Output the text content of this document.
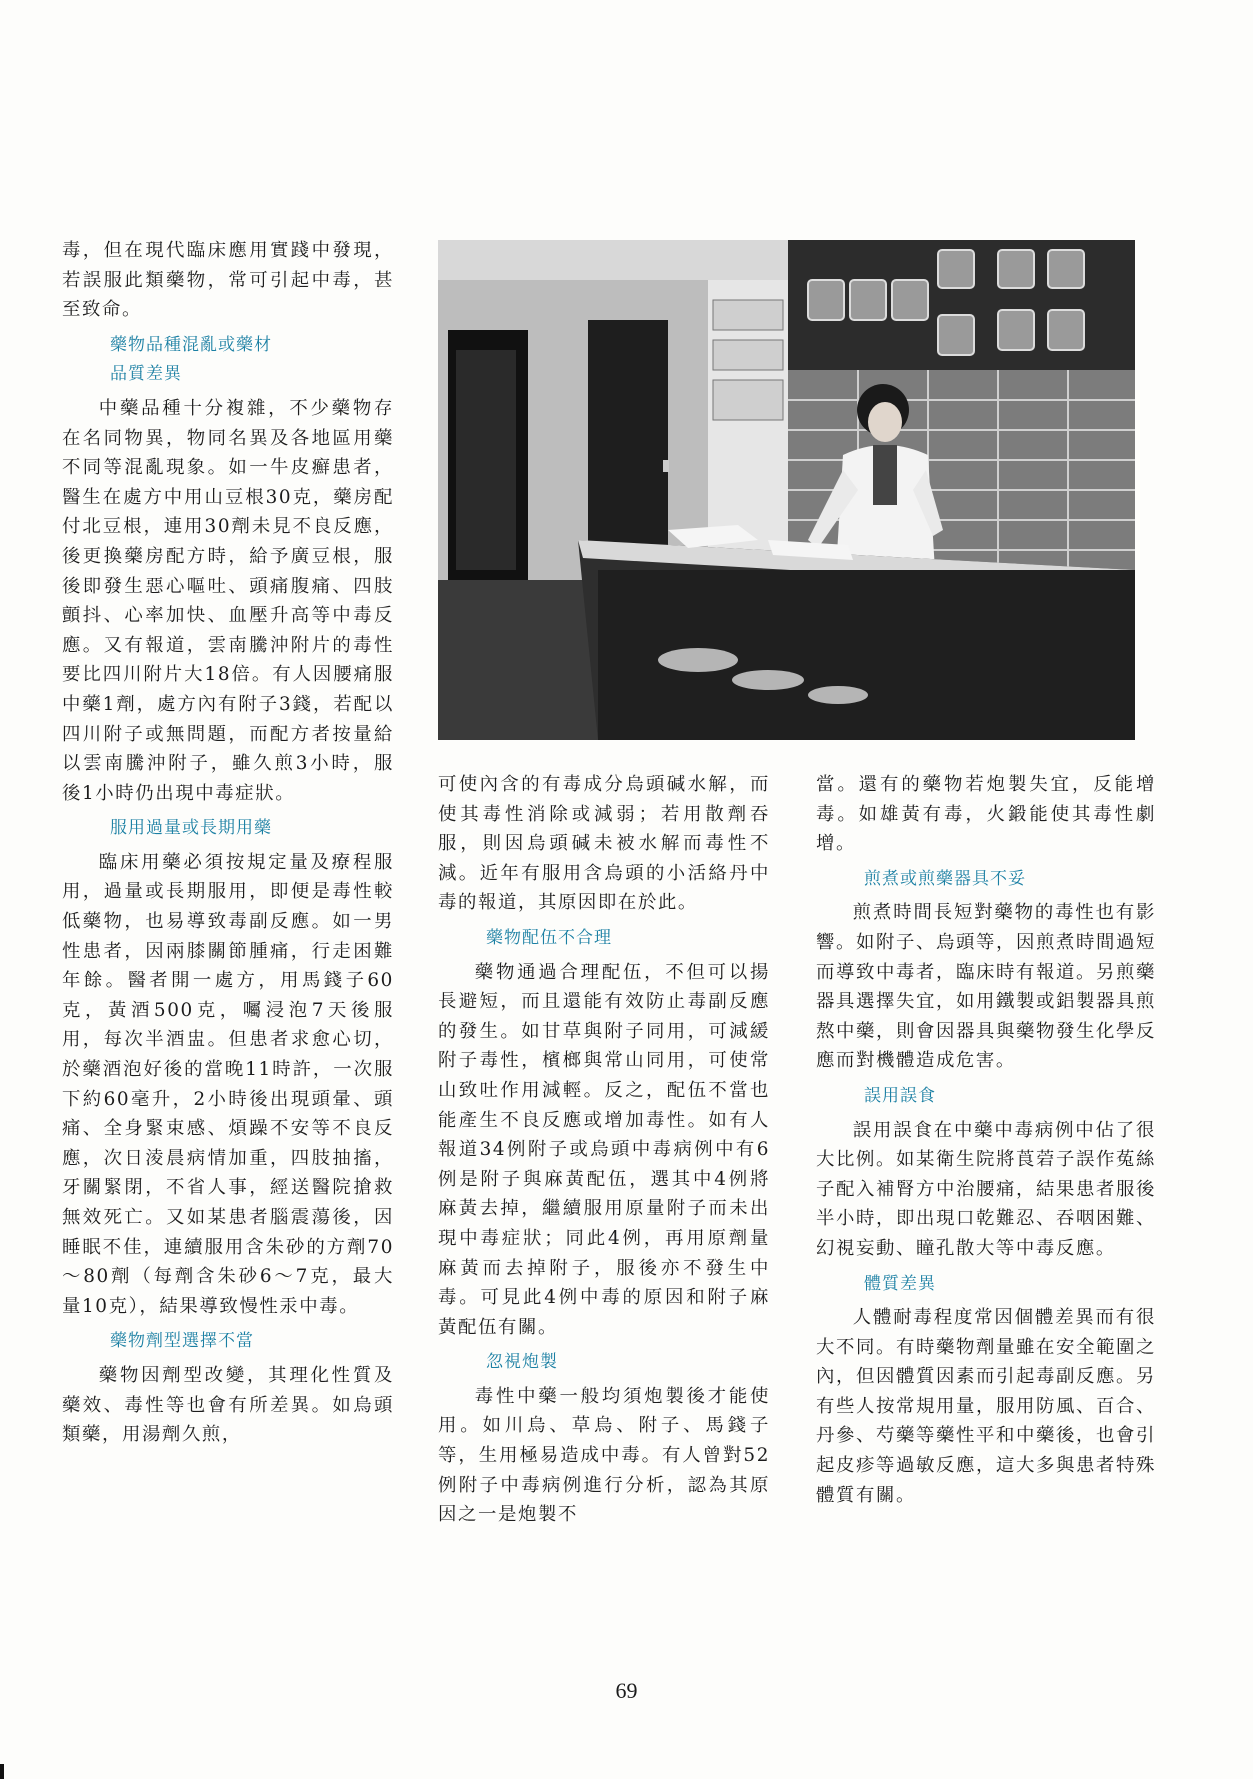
毒，但在現代臨床應用實踐中發現，若誤服此類藥物，常可引起中毒，甚至致命。

藥物品種混亂或藥材
品質差異

中藥品種十分複雜，不少藥物存在名同物異，物同名異及各地區用藥不同等混亂現象。如一牛皮癬患者，醫生在處方中用山豆根30克，藥房配付北豆根，連用30劑未見不良反應，後更換藥房配方時，給予廣豆根，服後即發生惡心嘔吐、頭痛腹痛、四肢顫抖、心率加快、血壓升高等中毒反應。又有報道，雲南騰沖附片的毒性要比四川附片大18倍。有人因腰痛服中藥1劑，處方內有附子3錢，若配以四川附子或無問題，而配方者按量給以雲南騰沖附子，雖久煎3小時，服後1小時仍出現中毒症狀。

服用過量或長期用藥

臨床用藥必須按規定量及療程服用，過量或長期服用，即便是毒性較低藥物，也易導致毒副反應。如一男性患者，因兩膝關節腫痛，行走困難年餘。醫者開一處方，用馬錢子60克，黃酒500克，囑浸泡7天後服用，每次半酒盅。但患者求愈心切，於藥酒泡好後的當晚11時許，一次服下約60毫升，2小時後出現頭暈、頭痛、全身緊束感、煩躁不安等不良反應，次日淩晨病情加重，四肢抽搐，牙關緊閉，不省人事，經送醫院搶救無效死亡。又如某患者腦震蕩後，因睡眠不佳，連續服用含朱砂的方劑70～80劑（每劑含朱砂6～7克，最大量10克），結果導致慢性汞中毒。

藥物劑型選擇不當

藥物因劑型改變，其理化性質及藥效、毒性等也會有所差異。如烏頭類藥，用湯劑久煎，

可使內含的有毒成分烏頭碱水解，而使其毒性消除或減弱；若用散劑吞服，則因烏頭碱未被水解而毒性不減。近年有服用含烏頭的小活絡丹中毒的報道，其原因即在於此。

藥物配伍不合理

藥物通過合理配伍，不但可以揚長避短，而且還能有效防止毒副反應的發生。如甘草與附子同用，可減緩附子毒性，檳榔與常山同用，可使常山致吐作用減輕。反之，配伍不當也能產生不良反應或增加毒性。如有人報道34例附子或烏頭中毒病例中有6例是附子與麻黃配伍，選其中4例將麻黃去掉，繼續服用原量附子而未出現中毒症狀；同此4例，再用原劑量麻黃而去掉附子，服後亦不發生中毒。可見此4例中毒的原因和附子麻黃配伍有關。

忽視炮製

毒性中藥一般均須炮製後才能使用。如川烏、草烏、附子、馬錢子等，生用極易造成中毒。有人曾對52例附子中毒病例進行分析，認為其原因之一是炮製不

當。還有的藥物若炮製失宜，反能增毒。如雄黃有毒，火鍛能使其毒性劇增。

煎煮或煎藥器具不妥

煎煮時間長短對藥物的毒性也有影響。如附子、烏頭等，因煎煮時間過短而導致中毒者，臨床時有報道。另煎藥器具選擇失宜，如用鐵製或鋁製器具煎熬中藥，則會因器具與藥物發生化學反應而對機體造成危害。

誤用誤食

誤用誤食在中藥中毒病例中佔了很大比例。如某衛生院將莨菪子誤作菟絲子配入補腎方中治腰痛，結果患者服後半小時，即出現口乾難忍、吞咽困難、幻視妄動、瞳孔散大等中毒反應。

體質差異

人體耐毒程度常因個體差異而有很大不同。有時藥物劑量雖在安全範圍之內，但因體質因素而引起毒副反應。另有些人按常規用量，服用防風、百合、丹參、芍藥等藥性平和中藥後，也會引起皮疹等過敏反應，這大多與患者特殊體質有關。

69
